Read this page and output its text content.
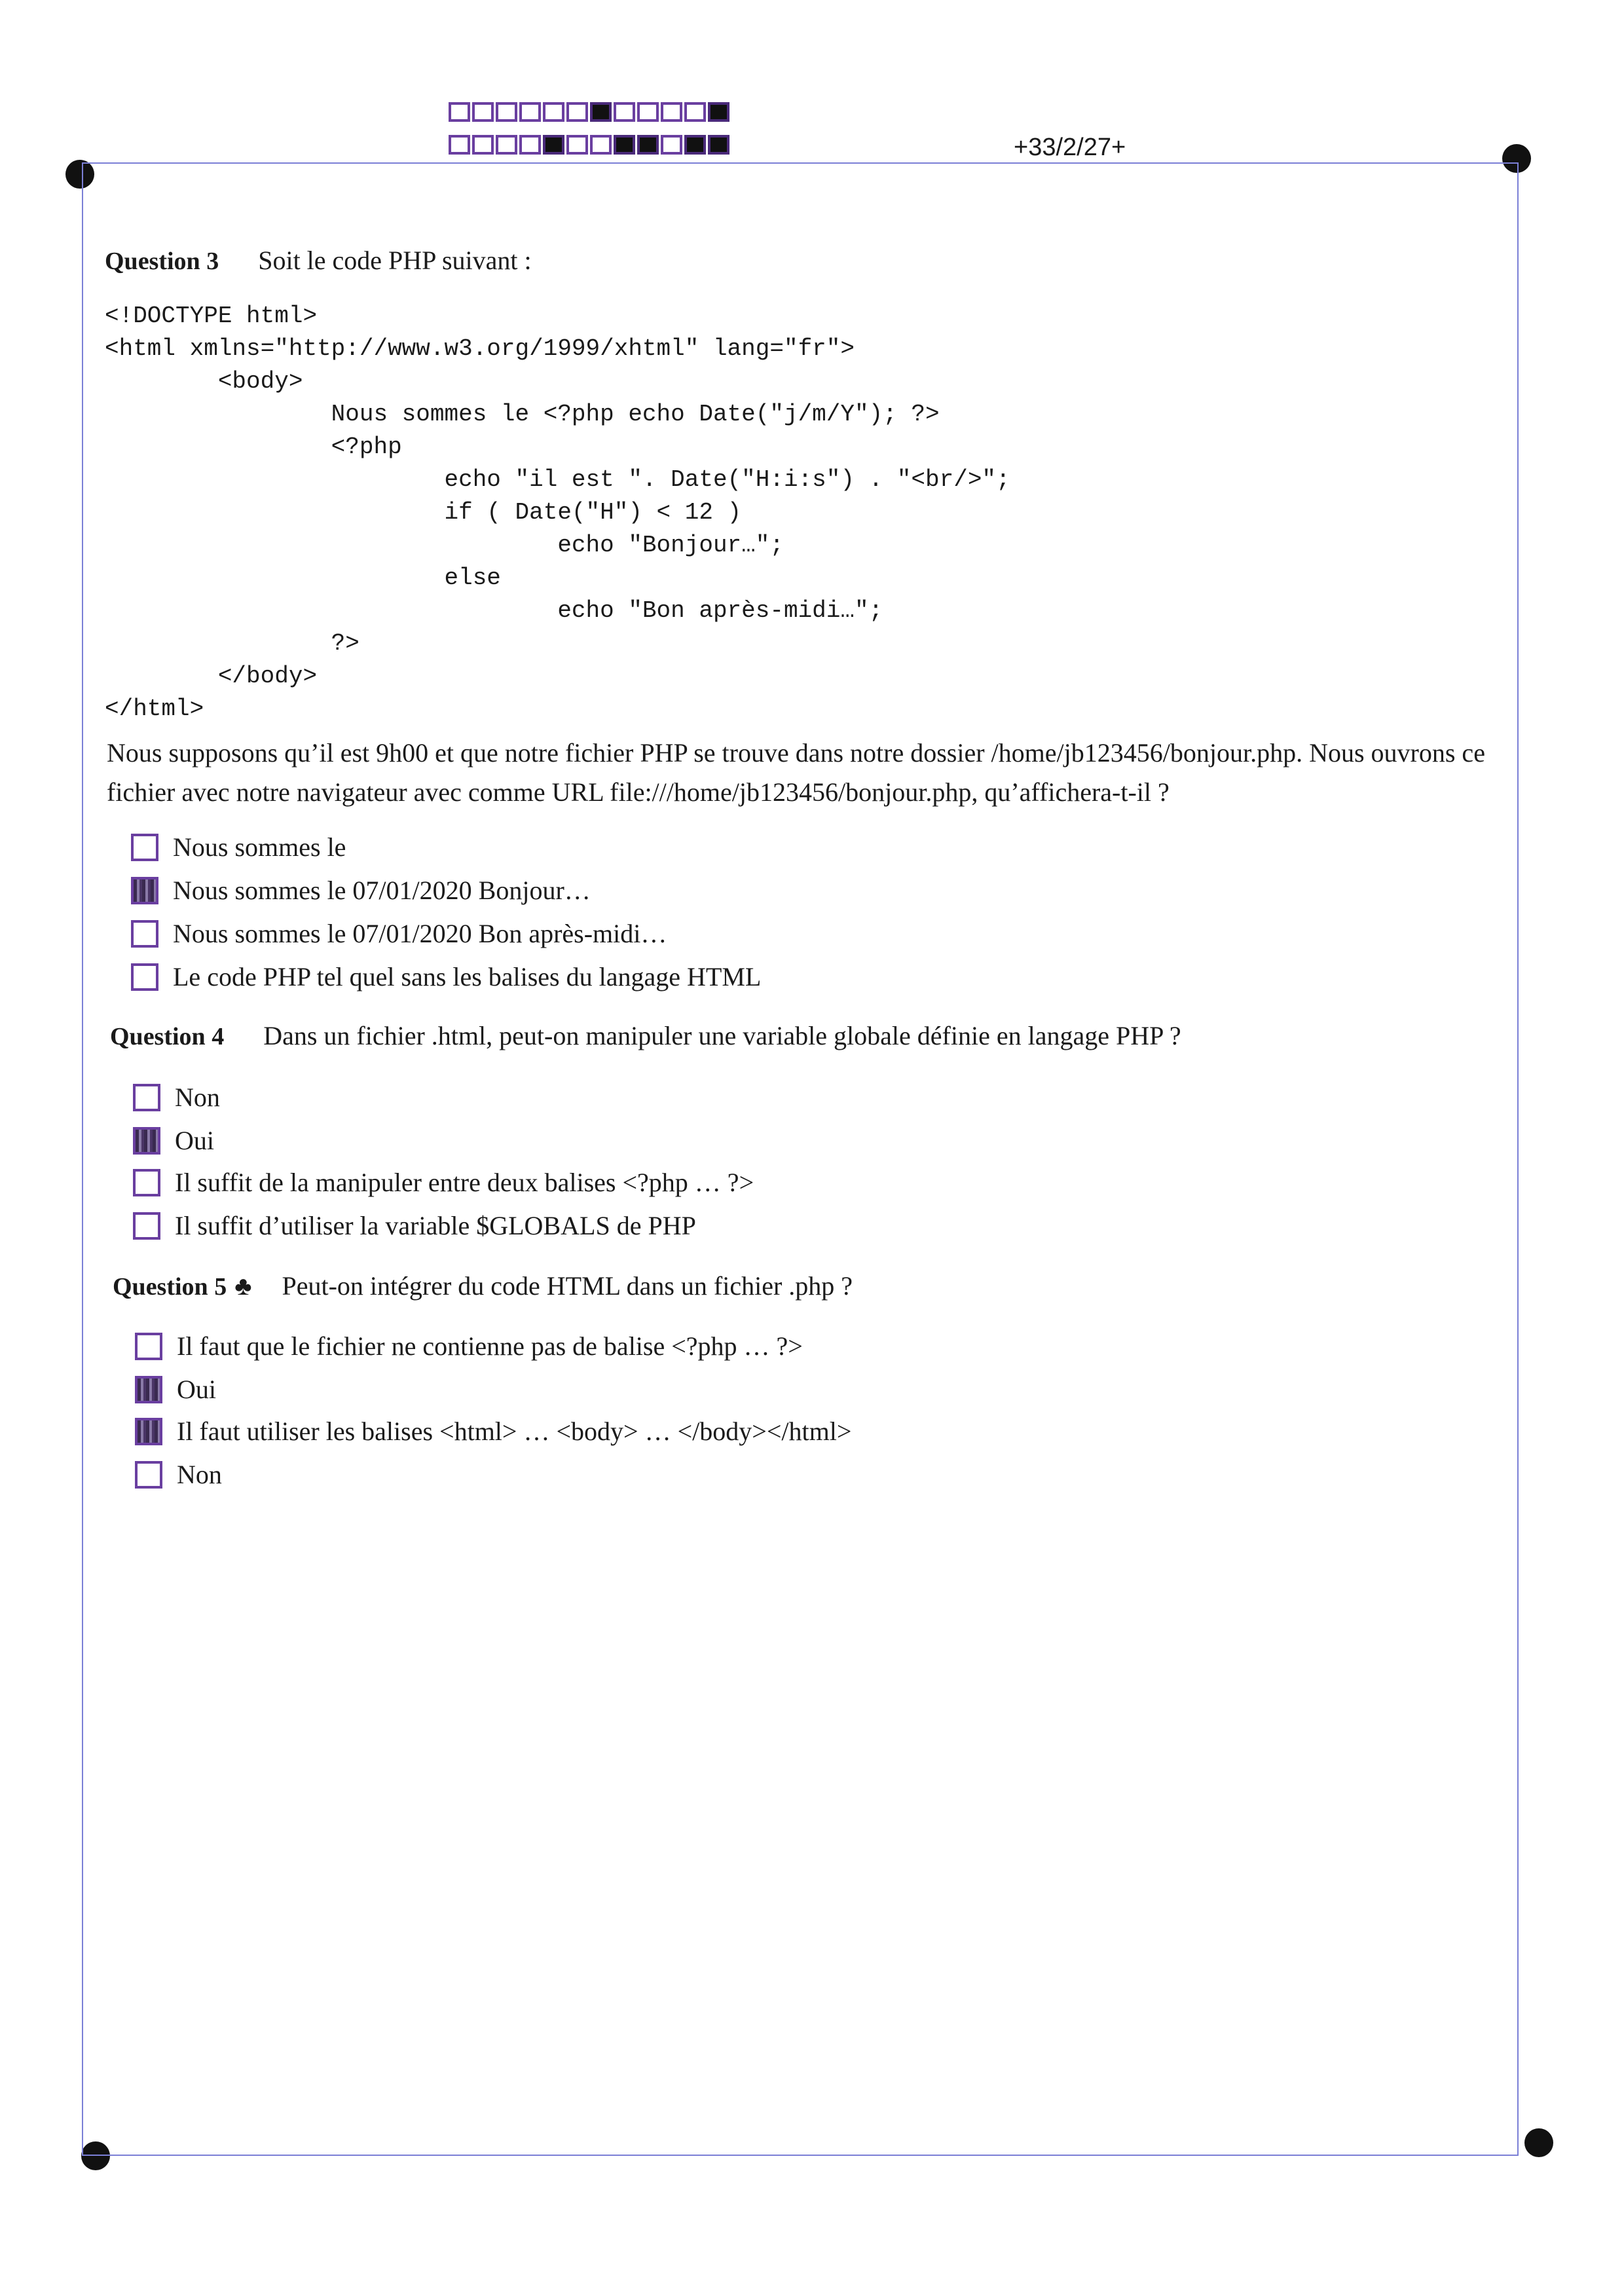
+33/2/27+
Question 3 Soit le code PHP suivant :
<!DOCTYPE html>
<html xmlns="http://www.w3.org/1999/xhtml" lang="fr">
<body>
Nous sommes le <?php echo Date("j/m/Y"); ?>
<?php
echo "il est ". Date("H:i:s") . "<br/>";
if ( Date("H") < 12 )
echo "Bonjour…";
else
echo "Bon après-midi…";
?>
</body>
</html>
Nous supposons qu’il est 9h00 et que notre fichier PHP se trouve dans notre dossier /home/jb123456/bonjour.php. Nous ouvrons ce fichier avec notre navigateur avec comme URL file:///home/jb123456/bonjour.php, qu’affichera-t-il ?
Nous sommes le
Nous sommes le 07/01/2020 Bonjour…
Nous sommes le 07/01/2020 Bon après-midi…
Le code PHP tel quel sans les balises du langage HTML
Question 4 Dans un fichier .html, peut-on manipuler une variable globale définie en langage PHP ?
Non
Oui
Il suffit de la manipuler entre deux balises <?php … ?>
Il suffit d’utiliser la variable $GLOBALS de PHP
Question 5 ♣ Peut-on intégrer du code HTML dans un fichier .php ?
Il faut que le fichier ne contienne pas de balise <?php … ?>
Oui
Il faut utiliser les balises <html> … <body> … </body></html>
Non
